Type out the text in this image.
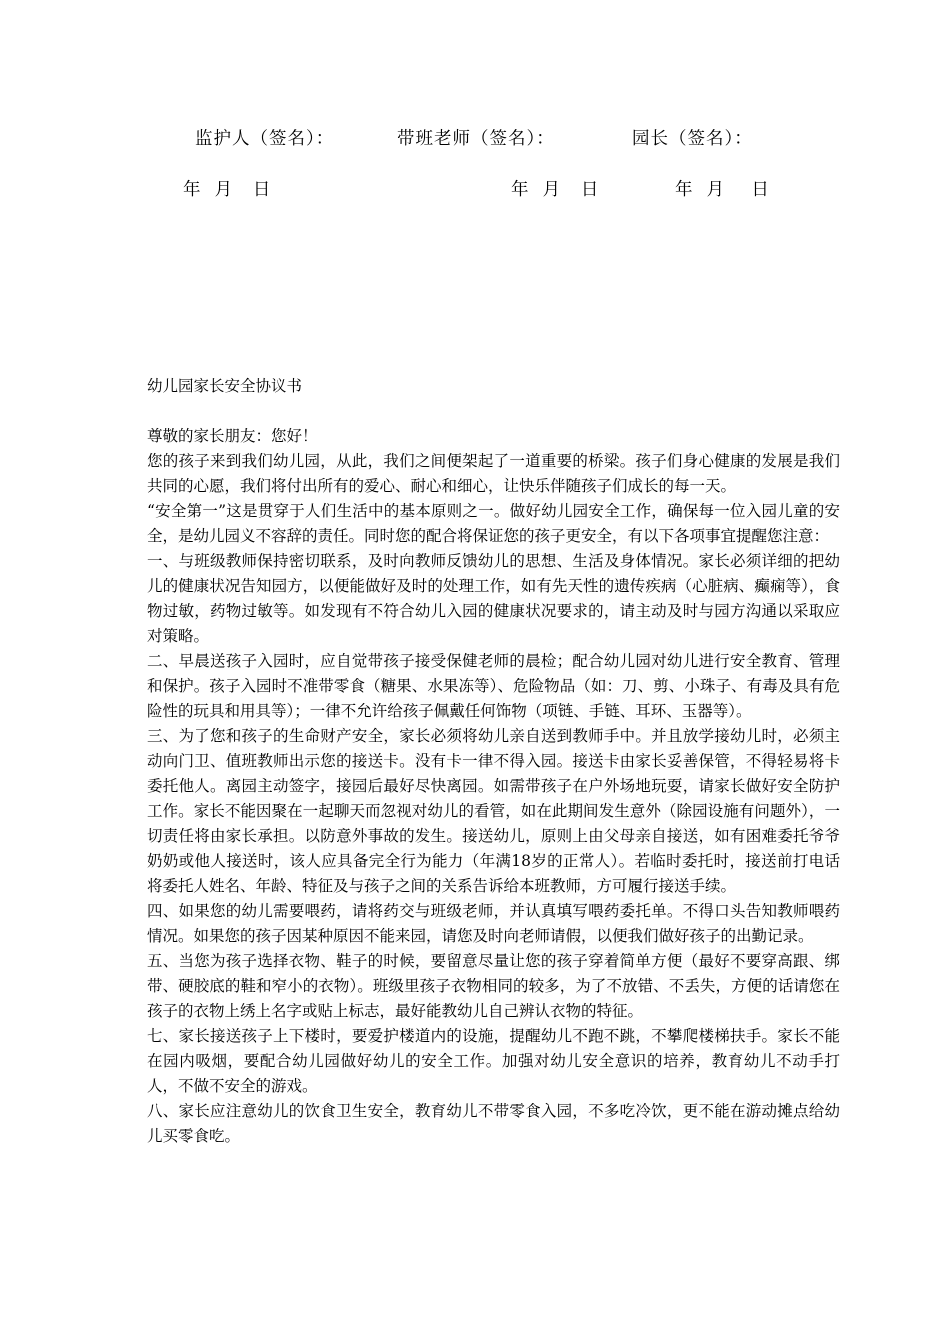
监护人（签名）：	带班老师（签名）：	园长（签名）：
年  月   日	年  月   日	年  月    日
幼儿园家长安全协议书

尊敬的家长朋友：您好！

您的孩子来到我们幼儿园，从此，我们之间便架起了一道重要的桥梁。孩子们身心健康的发展是我们共同的心愿，我们将付出所有的爱心、耐心和细心，让快乐伴随孩子们成长的每一天。

“安全第一”这是贯穿于人们生活中的基本原则之一。做好幼儿园安全工作，确保每一位入园儿童的安全，是幼儿园义不容辞的责任。同时您的配合将保证您的孩子更安全，有以下各项事宜提醒您注意：

一、与班级教师保持密切联系，及时向教师反馈幼儿的思想、生活及身体情况。家长必须详细的把幼儿的健康状况告知园方，以便能做好及时的处理工作，如有先天性的遗传疾病（心脏病、癫痫等），食物过敏，药物过敏等。如发现有不符合幼儿入园的健康状况要求的，请主动及时与园方沟通以采取应对策略。

二、早晨送孩子入园时，应自觉带孩子接受保健老师的晨检；配合幼儿园对幼儿进行安全教育、管理和保护。孩子入园时不准带零食（糖果、水果冻等）、危险物品（如：刀、剪、小珠子、有毒及具有危险性的玩具和用具等）；一律不允许给孩子佩戴任何饰物（项链、手链、耳环、玉器等）。

三、为了您和孩子的生命财产安全，家长必须将幼儿亲自送到教师手中。并且放学接幼儿时，必须主动向门卫、值班教师出示您的接送卡。没有卡一律不得入园。接送卡由家长妥善保管，不得轻易将卡委托他人。离园主动签字，接园后最好尽快离园。如需带孩子在户外场地玩耍，请家长做好安全防护工作。家长不能因聚在一起聊天而忽视对幼儿的看管，如在此期间发生意外（除园设施有问题外），一切责任将由家长承担。以防意外事故的发生。接送幼儿，原则上由父母亲自接送，如有困难委托爷爷奶奶或他人接送时，该人应具备完全行为能力（年满18岁的正常人）。若临时委托时，接送前打电话将委托人姓名、年龄、特征及与孩子之间的关系告诉给本班教师，方可履行接送手续。

四、如果您的幼儿需要喂药，请将药交与班级老师，并认真填写喂药委托单。不得口头告知教师喂药情况。如果您的孩子因某种原因不能来园，请您及时向老师请假，以便我们做好孩子的出勤记录。

五、当您为孩子选择衣物、鞋子的时候，要留意尽量让您的孩子穿着简单方便（最好不要穿高跟、绑带、硬胶底的鞋和窄小的衣物）。班级里孩子衣物相同的较多，为了不放错、不丢失，方便的话请您在孩子的衣物上绣上名字或贴上标志，最好能教幼儿自己辨认衣物的特征。

七、家长接送孩子上下楼时，要爱护楼道内的设施，提醒幼儿不跑不跳，不攀爬楼梯扶手。家长不能在园内吸烟，要配合幼儿园做好幼儿的安全工作。加强对幼儿安全意识的培养，教育幼儿不动手打人，不做不安全的游戏。

八、家长应注意幼儿的饮食卫生安全，教育幼儿不带零食入园，不多吃冷饮，更不能在游动摊点给幼儿买零食吃。
